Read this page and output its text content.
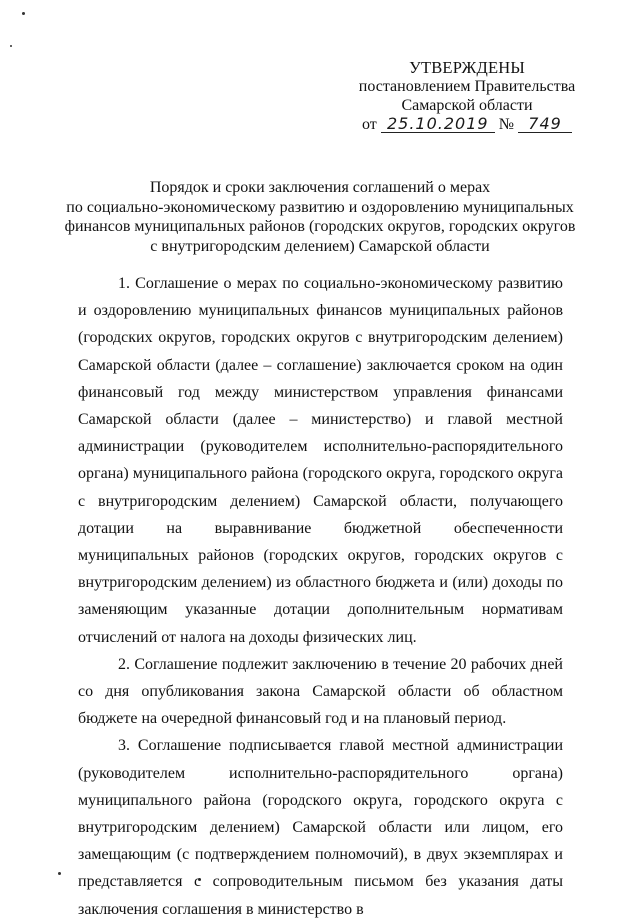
УТВЕРЖДЕНЫ
постановлением Правительства
Самарской области
от 25.10.2019 № 749
Порядок и сроки заключения соглашений о мерах
по социально-экономическому развитию и оздоровлению муниципальных
финансов муниципальных районов (городских округов, городских округов
с внутригородским делением) Самарской области

1. Соглашение о мерах по социально-экономическому развитию и оздоровлению муниципальных финансов муниципальных районов (городских округов, городских округов с внутригородским делением) Самарской области (далее – соглашение) заключается сроком на один финансовый год между министерством управления финансами Самарской области (далее – министерство) и главой местной администрации (руководителем исполнительно-распорядительного органа) муниципального района (городского округа, городского округа с внутригородским делением) Самарской области, получающего дотации на выравнивание бюджетной обеспеченности муниципальных районов (городских округов, городских округов с внутригородским делением) из областного бюджета и (или) доходы по заменяющим указанные дотации дополнительным нормативам отчислений от налога на доходы физических лиц.

2. Соглашение подлежит заключению в течение 20 рабочих дней со дня опубликования закона Самарской области об областном бюджете на очередной финансовый год и на плановый период.

3. Соглашение подписывается главой местной администрации (руководителем исполнительно-распорядительного органа) муниципального района (городского округа, городского округа с внутригородским делением) Самарской области или лицом, его замещающим (с подтверждением полномочий), в двух экземплярах и представляется с сопроводительным письмом без указания даты заключения соглашения в министерство в
